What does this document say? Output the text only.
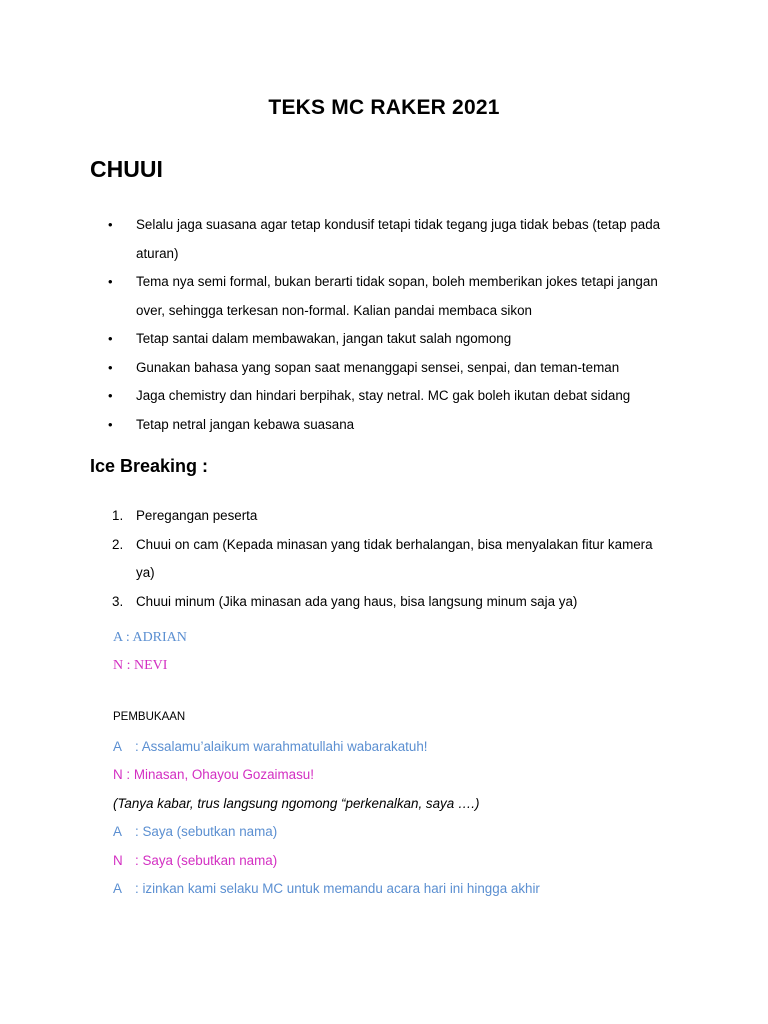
TEKS MC RAKER 2021
CHUUI
•	Selalu jaga suasana agar tetap kondusif tetapi tidak tegang juga tidak bebas (tetap pada
aturan)
•	Tema nya semi formal, bukan berarti tidak sopan, boleh memberikan jokes tetapi jangan
over, sehingga terkesan non-formal. Kalian pandai membaca sikon
•	Tetap santai dalam membawakan, jangan takut salah ngomong
•	Gunakan bahasa yang sopan saat menanggapi sensei, senpai, dan teman-teman
•	Jaga chemistry dan hindari berpihak, stay netral. MC gak boleh ikutan debat sidang
•	Tetap netral jangan kebawa suasana
Ice Breaking :
1. Peregangan peserta
2. Chuui on cam (Kepada minasan yang tidak berhalangan, bisa menyalakan fitur kamera
ya)
3. Chuui minum (Jika minasan ada yang haus, bisa langsung minum saja ya)
A : ADRIAN
N : NEVI
PEMBUKAAN
A : Assalamu’alaikum warahmatullahi wabarakatuh!
N : Minasan, Ohayou Gozaimasu!
(Tanya kabar, trus langsung ngomong “perkenalkan, saya ….)
A : Saya (sebutkan nama)
N : Saya (sebutkan nama)
A : izinkan kami selaku MC untuk memandu acara hari ini hingga akhir
